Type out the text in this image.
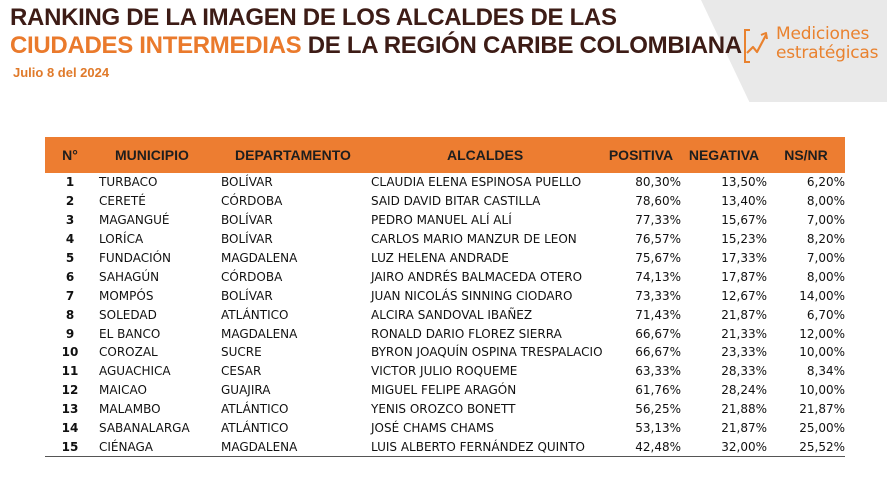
RANKING DE LA IMAGEN DE LOS ALCALDES DE LAS
CIUDADES INTERMEDIAS DE LA REGIÓN CARIBE COLOMBIANA
Julio 8 del 2024
Mediciones
estratégicas
N°	MUNICIPIO	DEPARTAMENTO	ALCALDES	POSITIVA	NEGATIVA	NS/NR
1	TURBACO	BOLÍVAR	CLAUDIA ELENA ESPINOSA PUELLO	80,30%	13,50%	6,20%
2	CERETÉ	CÓRDOBA	SAID DAVID BITAR CASTILLA	78,60%	13,40%	8,00%
3	MAGANGUÉ	BOLÍVAR	PEDRO MANUEL ALÍ ALÍ	77,33%	15,67%	7,00%
4	LORÍCA	BOLÍVAR	CARLOS MARIO MANZUR DE LEON	76,57%	15,23%	8,20%
5	FUNDACIÓN	MAGDALENA	LUZ HELENA ANDRADE	75,67%	17,33%	7,00%
6	SAHAGÚN	CÓRDOBA	JAIRO ANDRÉS BALMACEDA OTERO	74,13%	17,87%	8,00%
7	MOMPÓS	BOLÍVAR	JUAN NICOLÁS SINNING CIODARO	73,33%	12,67%	14,00%
8	SOLEDAD	ATLÁNTICO	ALCIRA SANDOVAL IBAÑEZ	71,43%	21,87%	6,70%
9	EL BANCO	MAGDALENA	RONALD DARIO FLOREZ SIERRA	66,67%	21,33%	12,00%
10	COROZAL	SUCRE	BYRON JOAQUÍN OSPINA TRESPALACIO	66,67%	23,33%	10,00%
11	AGUACHICA	CESAR	VICTOR JULIO ROQUEME	63,33%	28,33%	8,34%
12	MAICAO	GUAJIRA	MIGUEL FELIPE ARAGÓN	61,76%	28,24%	10,00%
13	MALAMBO	ATLÁNTICO	YENIS OROZCO BONETT	56,25%	21,88%	21,87%
14	SABANALARGA	ATLÁNTICO	JOSÉ CHAMS CHAMS	53,13%	21,87%	25,00%
15	CIÉNAGA	MAGDALENA	LUIS ALBERTO FERNÁNDEZ QUINTO	42,48%	32,00%	25,52%
